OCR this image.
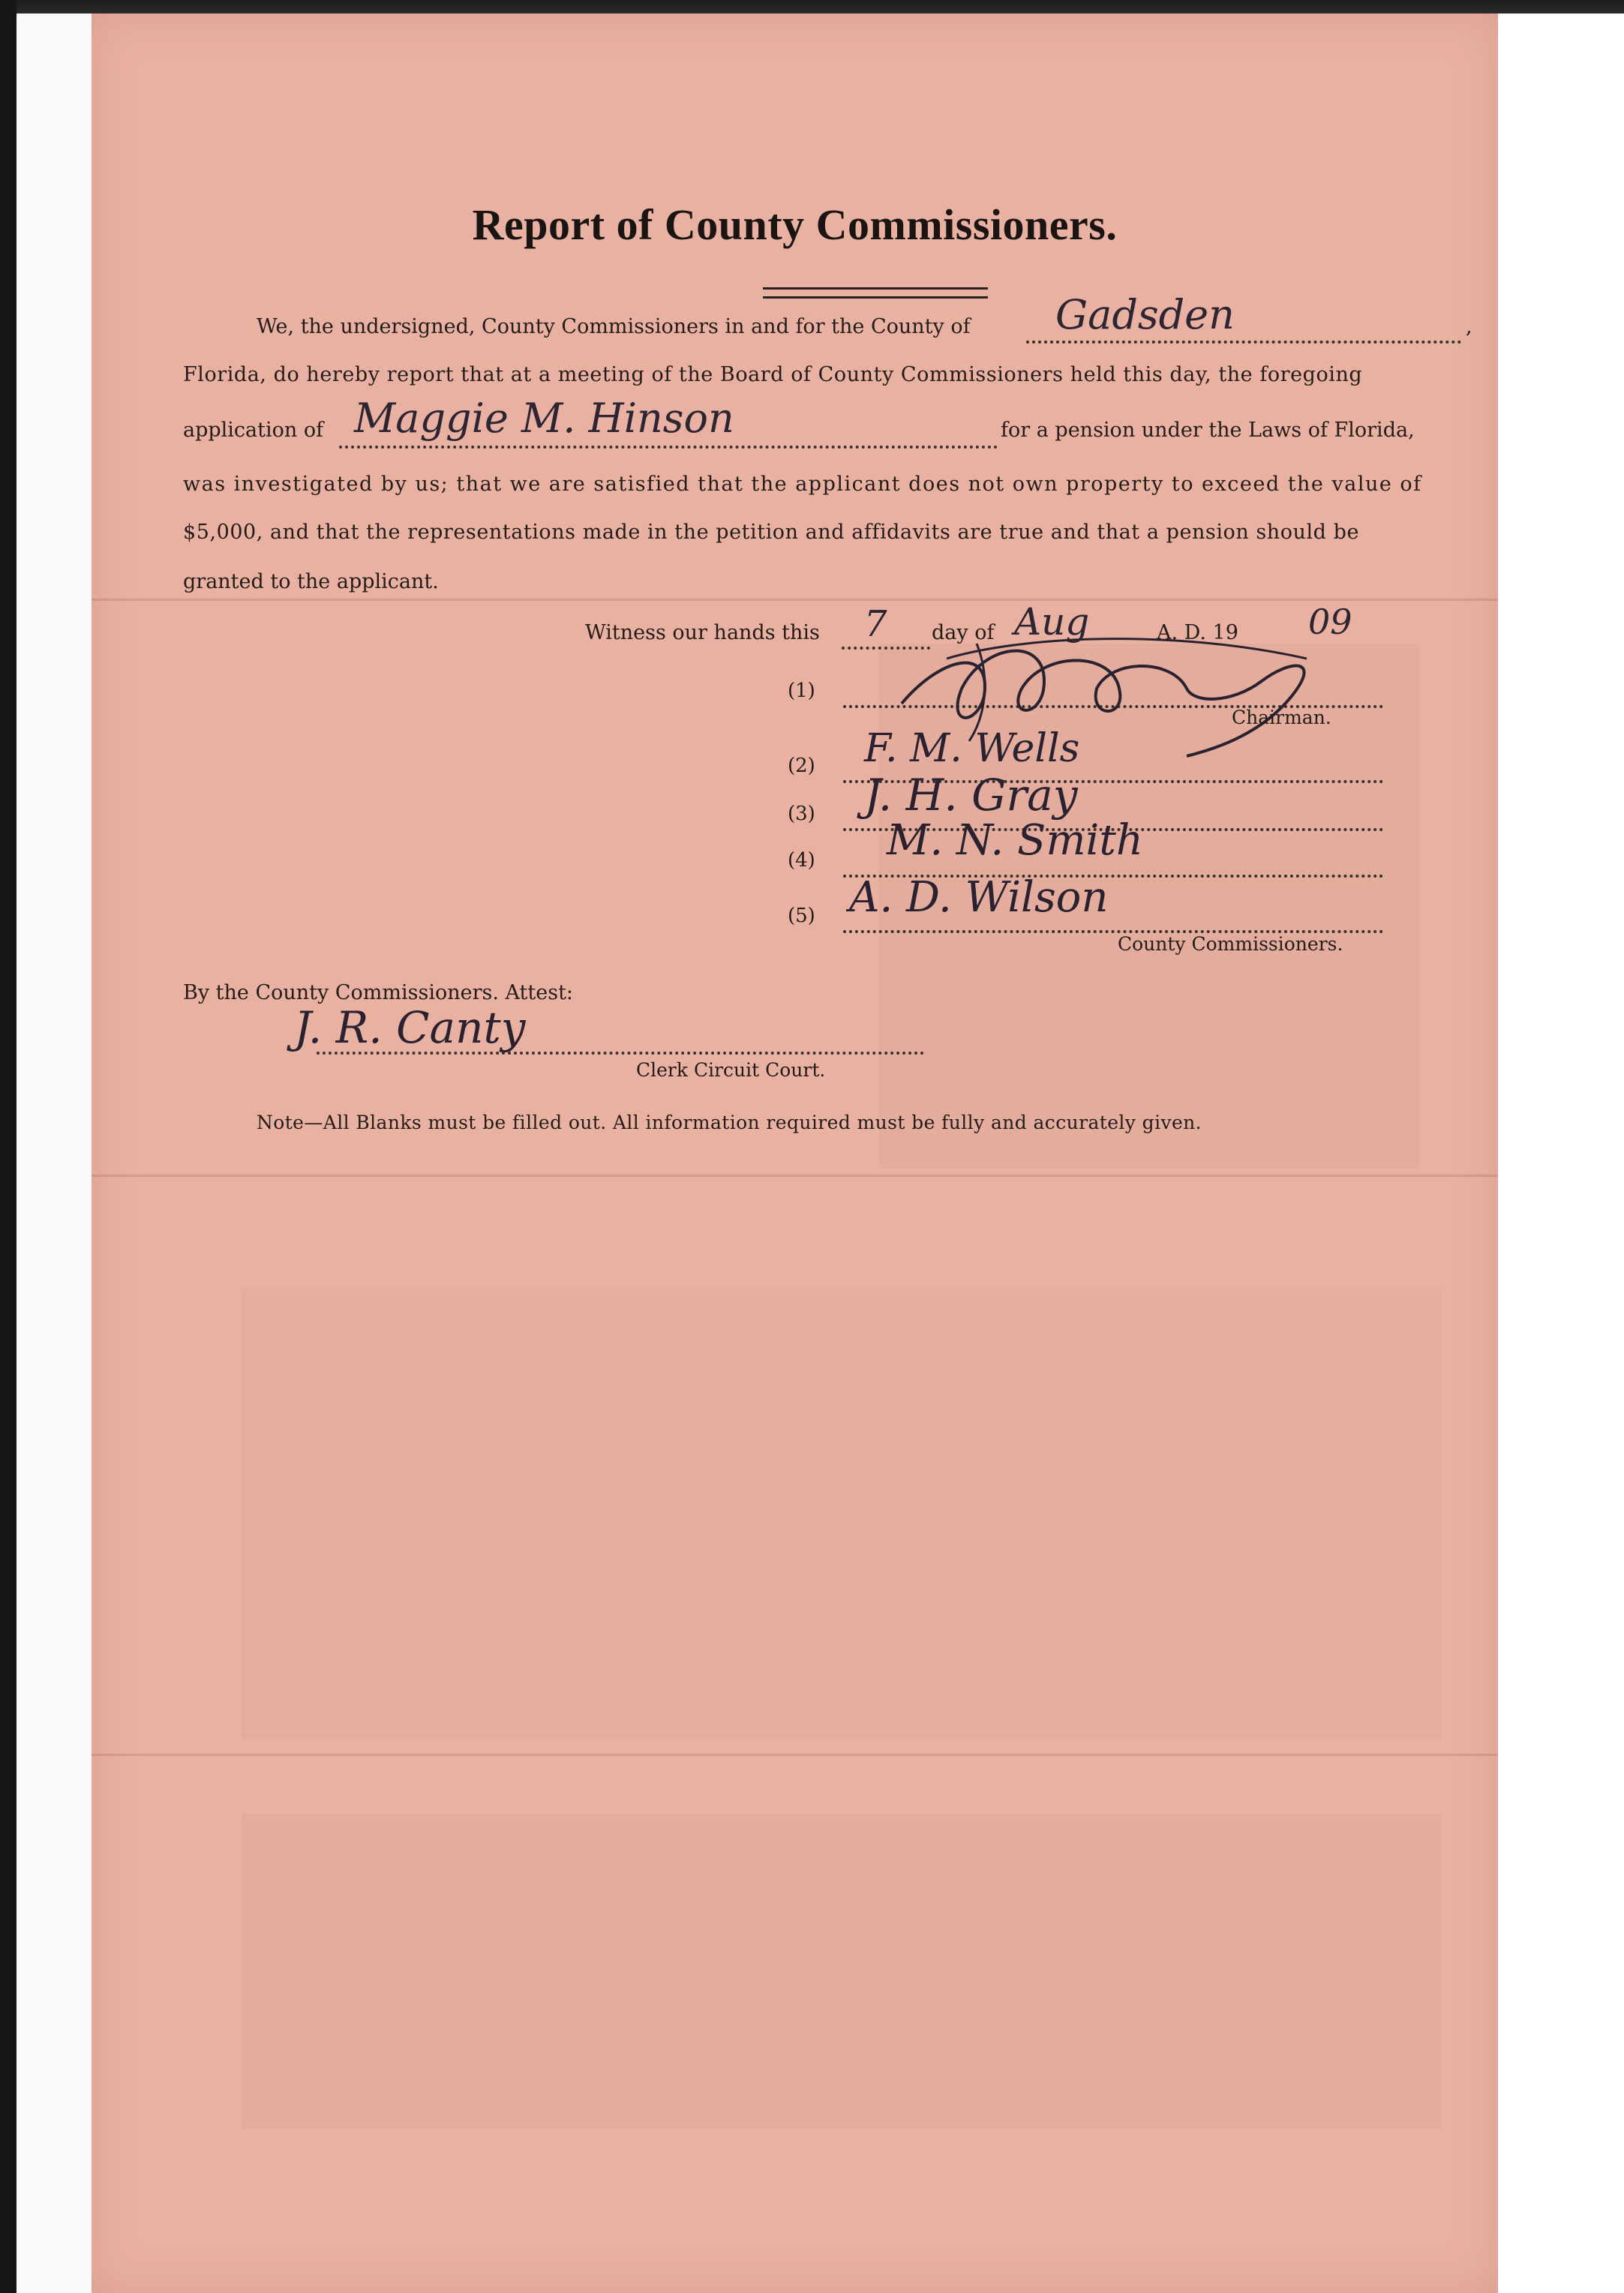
Report of County Commissioners.
We, the undersigned, County Commissioners in and for the County of Gadsden	,
Florida, do hereby report that at a meeting of the Board of County Commissioners held this day, the foregoing
application of Maggie M. Hinson	for a pension under the Laws of Florida,
was investigated by us; that we are satisfied that the applicant does not own property to exceed the value of
$5,000, and that the representations made in the petition and affidavits are true and that a pension should be
granted to the applicant.
Witness our hands this 7 day of Aug	A. D. 19 09
(1)
Chairman.
(2) F. M. Wells
(3) J. H. Gray
(4) M. N. Smith
(5) A. D. Wilson
County Commissioners.
By the County Commissioners. Attest:
J. R. Canty
Clerk Circuit Court.
Note—All Blanks must be filled out. All information required must be fully and accurately given.
